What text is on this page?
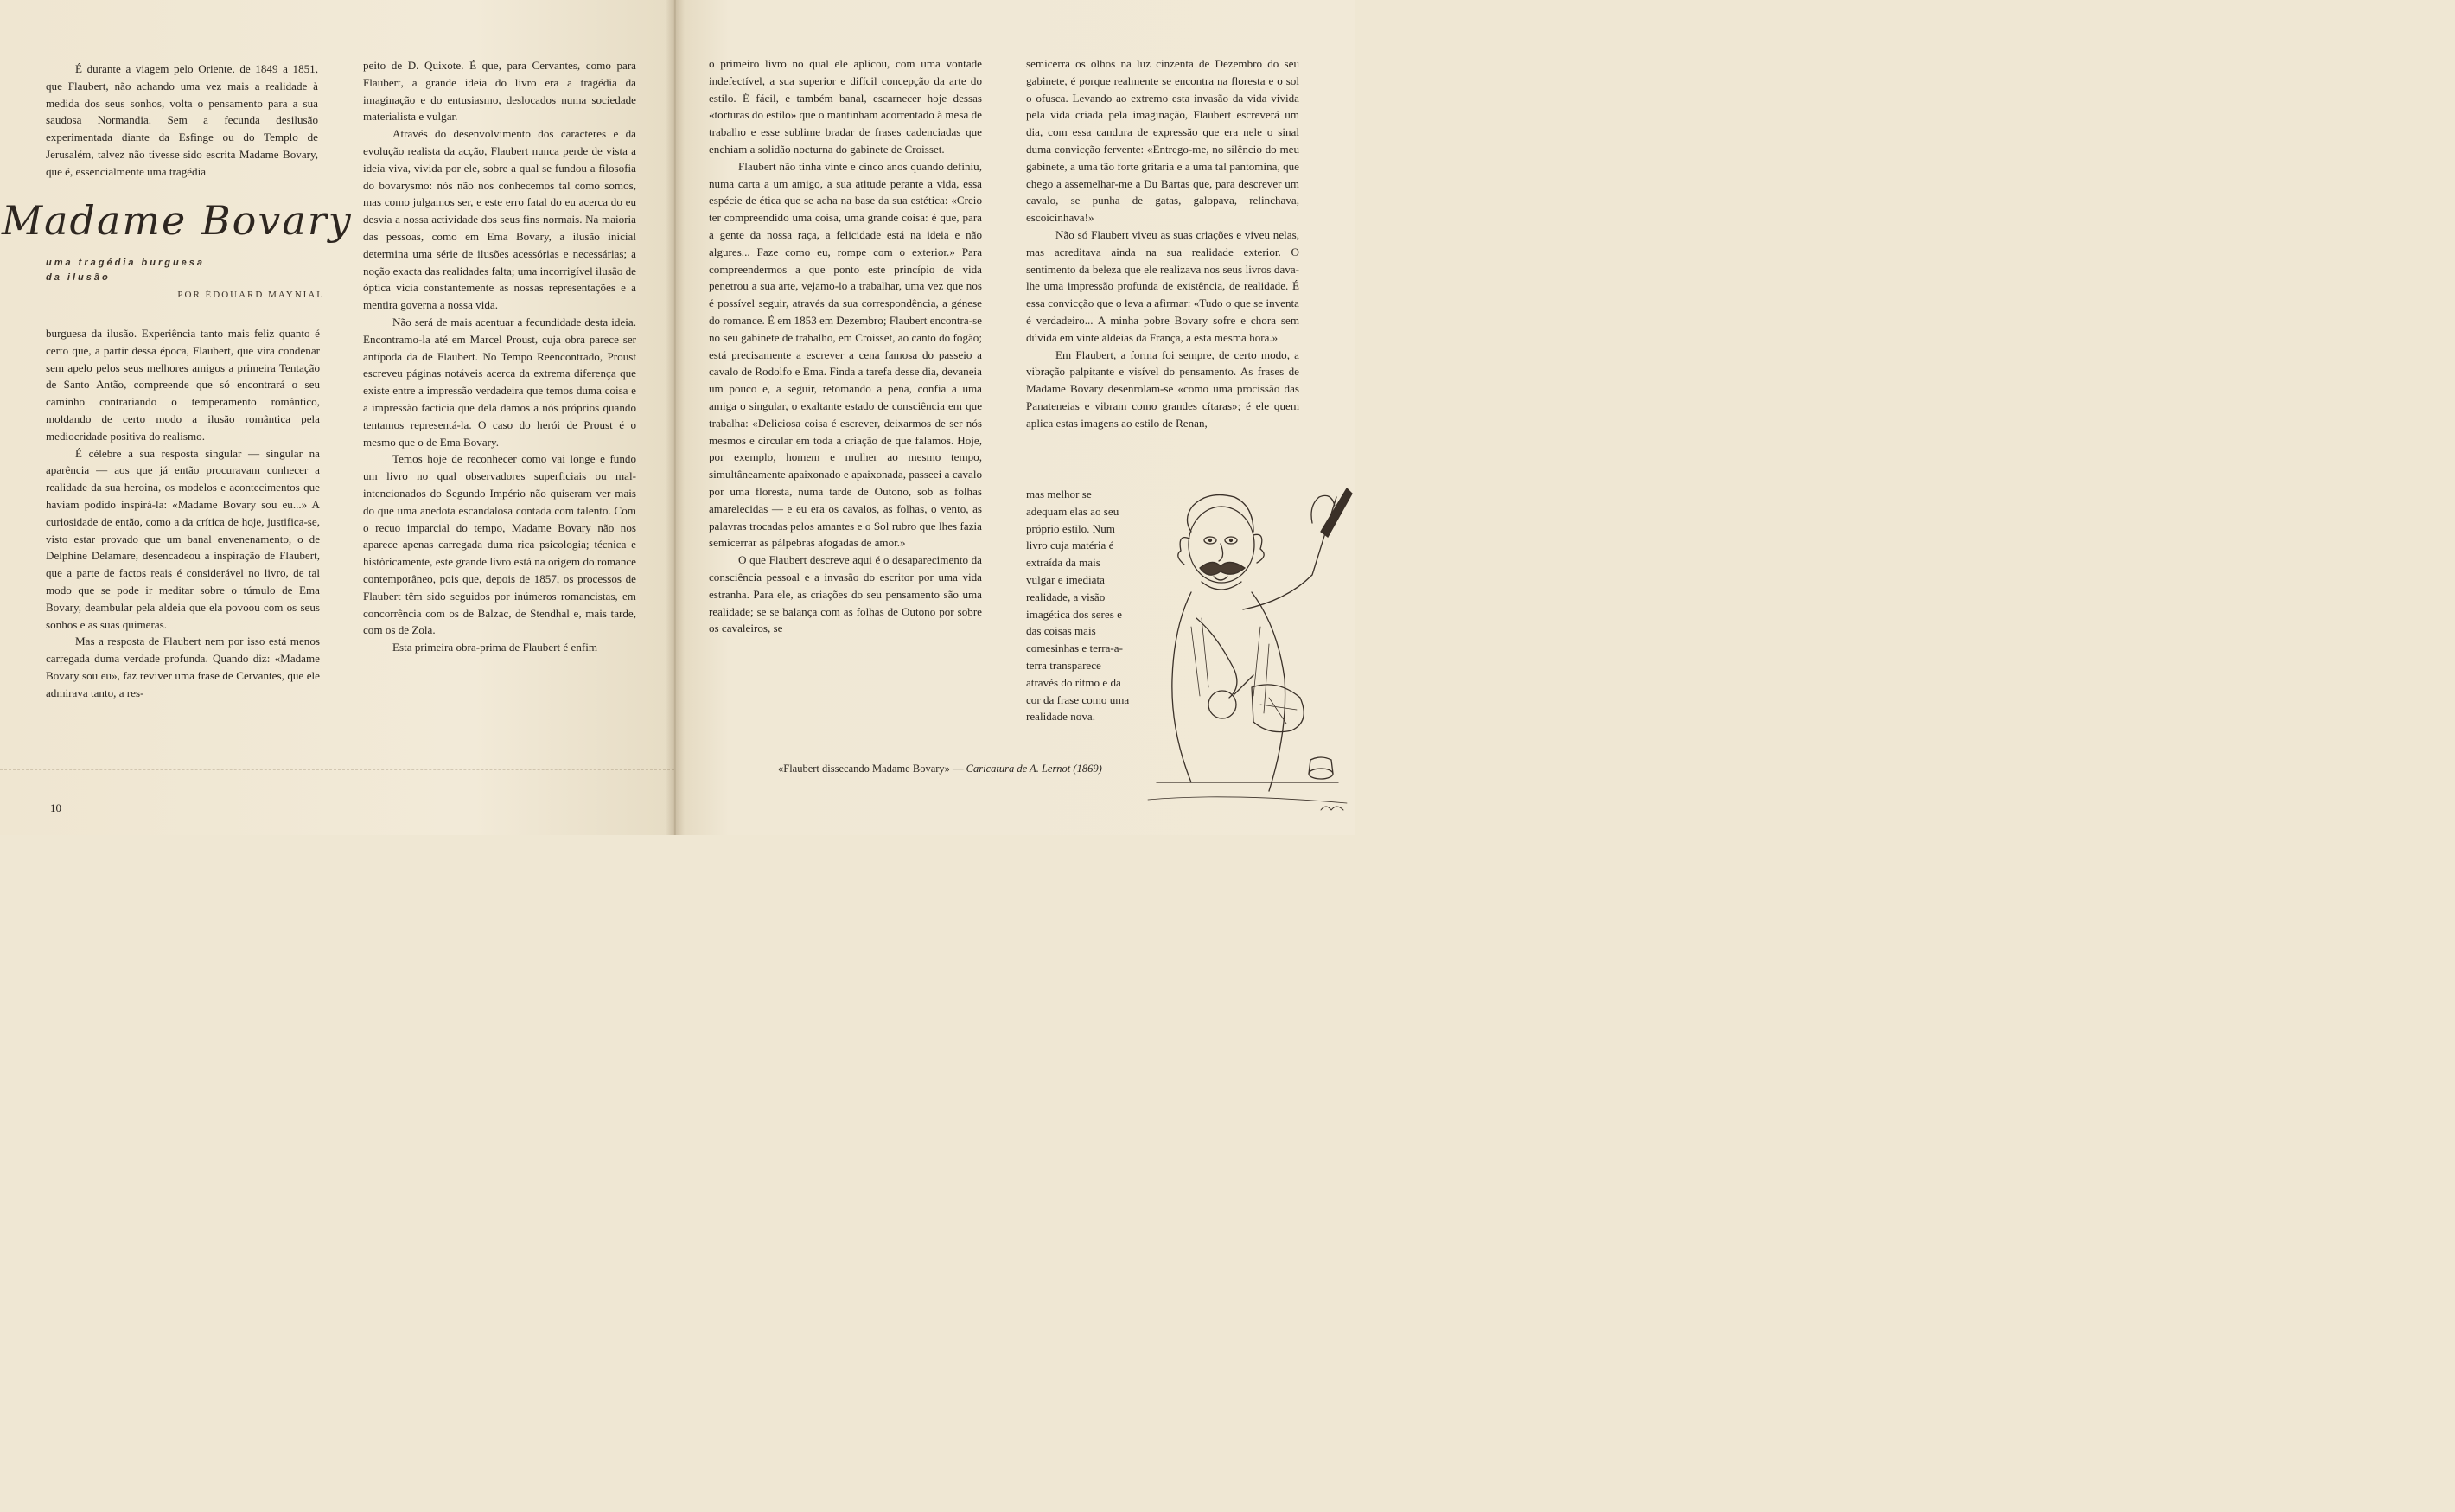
É durante a viagem pelo Oriente, de 1849 a 1851, que Flaubert, não achando uma vez mais a realidade à medida dos seus sonhos, volta o pensamento para a sua saudosa Normandia. Sem a fecunda desilusão experimentada diante da Esfinge ou do Templo de Jerusalém, talvez não tivesse sido escrita Madame Bovary, que é, essencialmente uma tragédia

Madame Bovary
uma tragédia burguesa
da ilusão
POR ÉDOUARD MAYNIAL

burguesa da ilusão. Experiência tanto mais feliz quanto é certo que, a partir dessa época, Flaubert, que vira condenar sem apelo pelos seus melhores amigos a primeira Tentação de Santo Antão, compreende que só encontrará o seu caminho contrariando o temperamento romântico, moldando de certo modo a ilusão romântica pela mediocridade positiva do realismo.

É célebre a sua resposta singular — singular na aparência — aos que já então procuravam conhecer a realidade da sua heroina, os modelos e acontecimentos que haviam podido inspirá-la: «Madame Bovary sou eu...» A curiosidade de então, como a da crítica de hoje, justifica-se, visto estar provado que um banal envenenamento, o de Delphine Delamare, desencadeou a inspiração de Flaubert, que a parte de factos reais é considerável no livro, de tal modo que se pode ir meditar sobre o túmulo de Ema Bovary, deambular pela aldeia que ela povoou com os seus sonhos e as suas quimeras.

Mas a resposta de Flaubert nem por isso está menos carregada duma verdade profunda. Quando diz: «Madame Bovary sou eu», faz reviver uma frase de Cervantes, que ele admirava tanto, a res-

peito de D. Quixote. É que, para Cervantes, como para Flaubert, a grande ideia do livro era a tragédia da imaginação e do entusiasmo, deslocados numa sociedade materialista e vulgar.

Através do desenvolvimento dos caracteres e da evolução realista da acção, Flaubert nunca perde de vista a ideia viva, vivida por ele, sobre a qual se fundou a filosofia do bovarysmo: nós não nos conhecemos tal como somos, mas como julgamos ser, e este erro fatal do eu acerca do eu desvia a nossa actividade dos seus fins normais. Na maioria das pessoas, como em Ema Bovary, a ilusão inicial determina uma série de ilusões acessórias e necessárias; a noção exacta das realidades falta; uma incorrigível ilusão de óptica vicia constantemente as nossas representações e a mentira governa a nossa vida.

Não será de mais acentuar a fecundidade desta ideia. Encontramo-la até em Marcel Proust, cuja obra parece ser antípoda da de Flaubert. No Tempo Reencontrado, Proust escreveu páginas notáveis acerca da extrema diferença que existe entre a impressão verdadeira que temos duma coisa e a impressão facticia que dela damos a nós próprios quando tentamos representá-la. O caso do herói de Proust é o mesmo que o de Ema Bovary.

Temos hoje de reconhecer como vai longe e fundo um livro no qual observadores superficiais ou mal-intencionados do Segundo Império não quiseram ver mais do que uma anedota escandalosa contada com talento. Com o recuo imparcial do tempo, Madame Bovary não nos aparece apenas carregada duma rica psicologia; técnica e històricamente, este grande livro está na origem do romance contemporâneo, pois que, depois de 1857, os processos de Flaubert têm sido seguidos por inúmeros romancistas, em concorrência com os de Balzac, de Stendhal e, mais tarde, com os de Zola.

Esta primeira obra-prima de Flaubert é enfim

o primeiro livro no qual ele aplicou, com uma vontade indefectível, a sua superior e difícil concepção da arte do estilo. É fácil, e também banal, escarnecer hoje dessas «torturas do estilo» que o mantinham acorrentado à mesa de trabalho e esse sublime bradar de frases cadenciadas que enchiam a solidão nocturna do gabinete de Croisset.

Flaubert não tinha vinte e cinco anos quando definiu, numa carta a um amigo, a sua atitude perante a vida, essa espécie de ética que se acha na base da sua estética: «Creio ter compreendido uma coisa, uma grande coisa: é que, para a gente da nossa raça, a felicidade está na ideia e não algures... Faze como eu, rompe com o exterior.» Para compreendermos a que ponto este princípio de vida penetrou a sua arte, vejamo-lo a trabalhar, uma vez que nos é possível seguir, através da sua correspondência, a génese do romance. É em 1853 em Dezembro; Flaubert encontra-se no seu gabinete de trabalho, em Croisset, ao canto do fogão; está precisamente a escrever a cena famosa do passeio a cavalo de Rodolfo e Ema. Finda a tarefa desse dia, devaneia um pouco e, a seguir, retomando a pena, confia a uma amiga o singular, o exaltante estado de consciência em que trabalha: «Deliciosa coisa é escrever, deixarmos de ser nós mesmos e circular em toda a criação de que falamos. Hoje, por exemplo, homem e mulher ao mesmo tempo, simultâneamente apaixonado e apaixonada, passeei a cavalo por uma floresta, numa tarde de Outono, sob as folhas amarelecidas — e eu era os cavalos, as folhas, o vento, as palavras trocadas pelos amantes e o Sol rubro que lhes fazia semicerrar as pálpebras afogadas de amor.»

O que Flaubert descreve aqui é o desaparecimento da consciência pessoal e a invasão do escritor por uma vida estranha. Para ele, as criações do seu pensamento são uma realidade; se se balança com as folhas de Outono por sobre os cavaleiros, se

semicerra os olhos na luz cinzenta de Dezembro do seu gabinete, é porque realmente se encontra na floresta e o sol o ofusca. Levando ao extremo esta invasão da vida vivida pela vida criada pela imaginação, Flaubert escreverá um dia, com essa candura de expressão que era nele o sinal duma convicção fervente: «Entrego-me, no silêncio do meu gabinete, a uma tão forte gritaria e a uma tal pantomina, que chego a assemelhar-me a Du Bartas que, para descrever um cavalo, se punha de gatas, galopava, relinchava, escoicinhava!»

Não só Flaubert viveu as suas criações e viveu nelas, mas acreditava ainda na sua realidade exterior. O sentimento da beleza que ele realizava nos seus livros dava-lhe uma impressão profunda de existência, de realidade. É essa convicção que o leva a afirmar: «Tudo o que se inventa é verdadeiro... A minha pobre Bovary sofre e chora sem dúvida em vinte aldeias da França, a esta mesma hora.»

Em Flaubert, a forma foi sempre, de certo modo, a vibração palpitante e visível do pensamento. As frases de Madame Bovary desenrolam-se «como uma procissão das Panateneias e vibram como grandes cítaras»; é ele quem aplica estas imagens ao estilo de Renan,

mas melhor se adequam elas ao seu próprio estilo. Num livro cuja matéria é extraída da mais vulgar e imediata realidade, a visão imagética dos seres e das coisas mais comesinhas e terra-a-terra transparece através do ritmo e da cor da frase como uma realidade nova.

«Flaubert dissecando Madame Bovary» — Caricatura de A. Lernot (1869)
10
